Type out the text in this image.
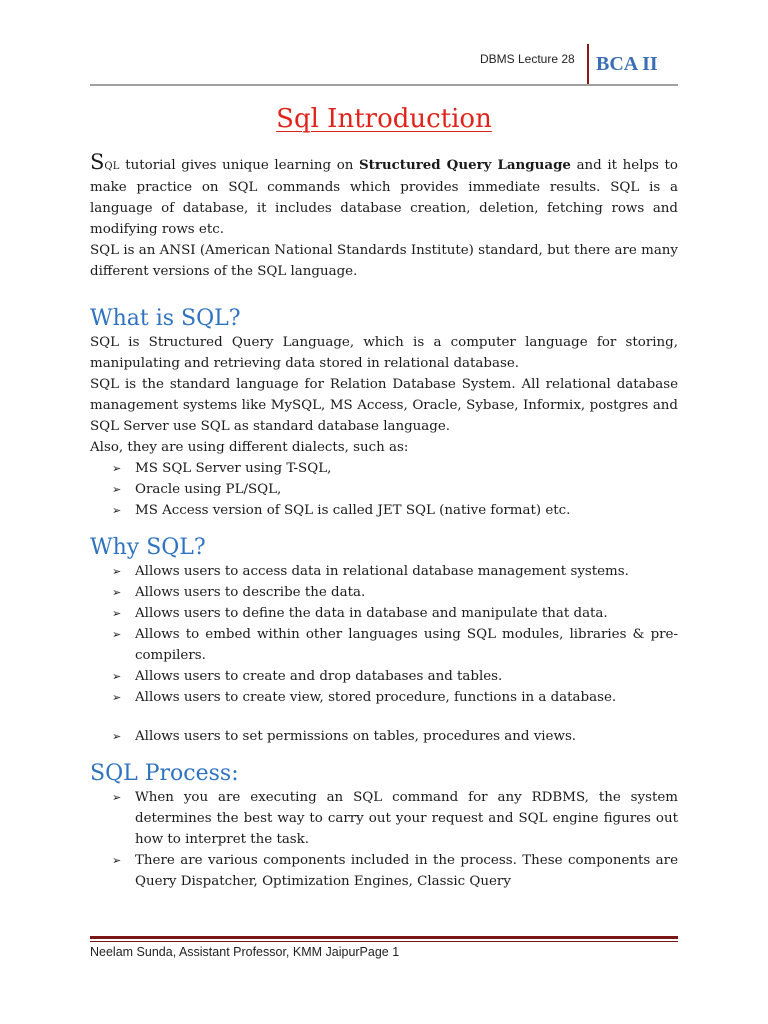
DBMS Lecture 28 BCA II
Sql Introduction

SQL tutorial gives unique learning on Structured Query Language and it helps to make practice on SQL commands which provides immediate results. SQL is a language of database, it includes database creation, deletion, fetching rows and modifying rows etc.

SQL is an ANSI (American National Standards Institute) standard, but there are many different versions of the SQL language.

What is SQL?

SQL is Structured Query Language, which is a computer language for storing, manipulating and retrieving data stored in relational database.

SQL is the standard language for Relation Database System. All relational database management systems like MySQL, MS Access, Oracle, Sybase, Informix, postgres and SQL Server use SQL as standard database language.

Also, they are using different dialects, such as:

➢ MS SQL Server using T-SQL,
➢ Oracle using PL/SQL,
➢ MS Access version of SQL is called JET SQL (native format) etc.
Why SQL?
➢ Allows users to access data in relational database management systems.
➢ Allows users to describe the data.
➢ Allows users to define the data in database and manipulate that data.
➢ Allows to embed within other languages using SQL modules, libraries & pre-compilers.
➢ Allows users to create and drop databases and tables.
➢ Allows users to create view, stored procedure, functions in a database.
➢ Allows users to set permissions on tables, procedures and views.
SQL Process:
➢ When you are executing an SQL command for any RDBMS, the system determines the best way to carry out your request and SQL engine figures out how to interpret the task.
➢ There are various components included in the process. These components are Query Dispatcher, Optimization Engines, Classic Query
Neelam Sunda, Assistant Professor, KMM JaipurPage 1
